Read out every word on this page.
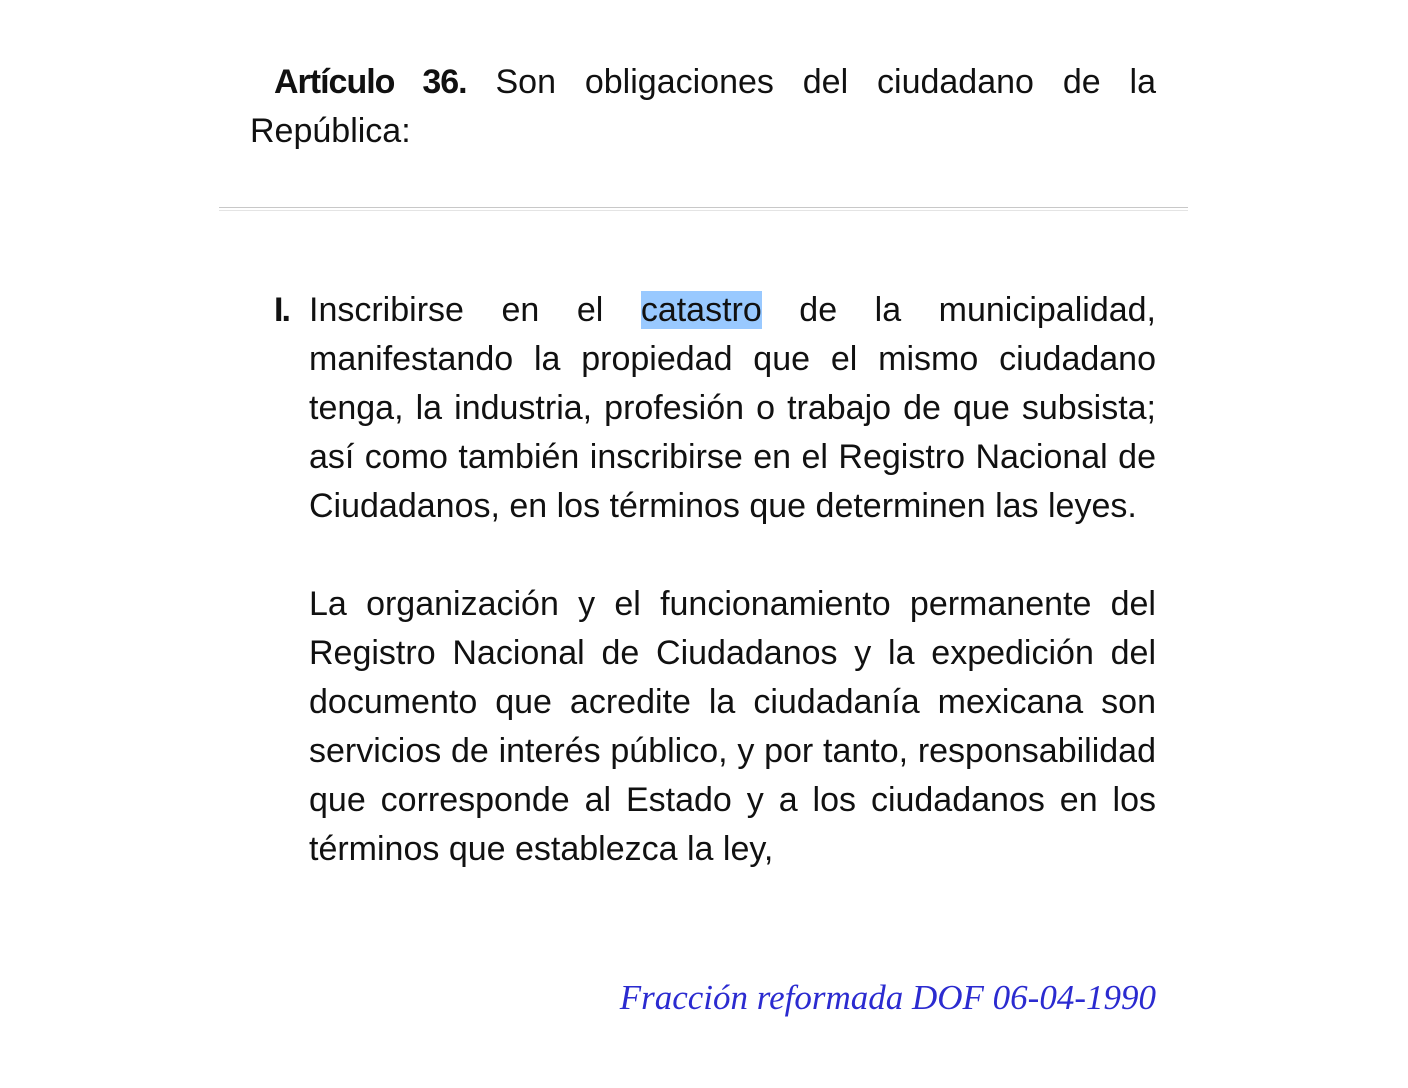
Artículo 36. Son obligaciones del ciudadano de la República:

I. Inscribirse en el catastro de la municipalidad, manifestando la propiedad que el mismo ciudadano tenga, la industria, profesión o trabajo de que subsista; así como también inscribirse en el Registro Nacional de Ciudadanos, en los términos que determinen las leyes.

La organización y el funcionamiento permanente del Registro Nacional de Ciudadanos y la expedición del documento que acredite la ciudadanía mexicana son servicios de interés público, y por tanto, responsabilidad que corresponde al Estado y a los ciudadanos en los términos que establezca la ley,

Fracción reformada DOF 06-04-1990
